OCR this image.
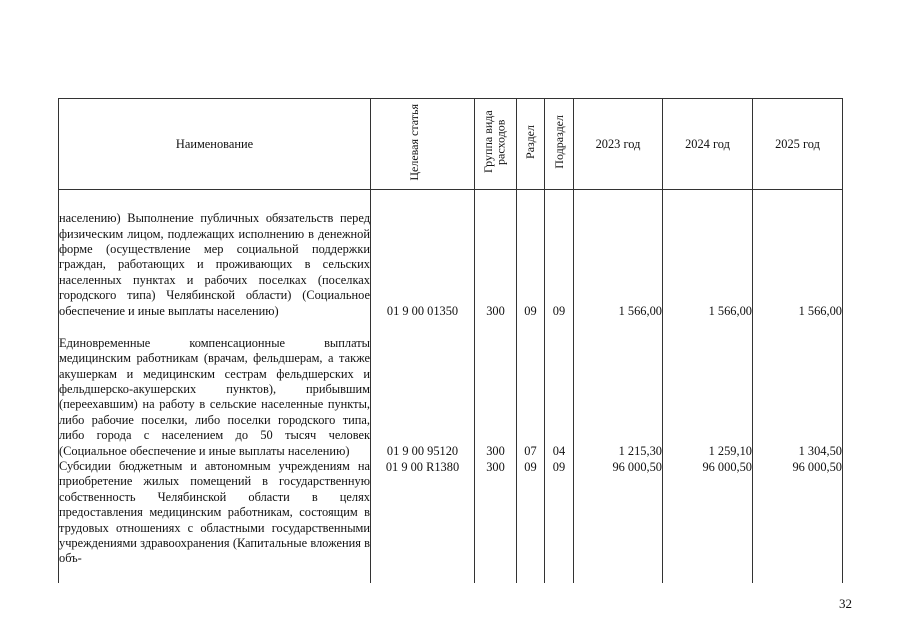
Наименование	Целевая статья	Группа вида расходов	Раздел	Подраздел	2023 год	2024 год	2025 год
населению) Выполнение публичных обязательств перед физическим лицом, подлежащих исполнению в денежной форме (осуществление мер социальной поддержки граждан, работающих и проживающих в сельских населенных пунктах и рабочих поселках (поселках городского типа) Челябинской области) (Социальное обеспечение и иные выплаты населению)	01 9 00 01350	300	09	09	1 566,00	1 566,00	1 566,00

Единовременные компенсационные выплаты медицинским работникам (врачам, фельдшерам, а также акушеркам и медицинским сестрам фельдшерских и фельдшерско-акушерских пунктов), прибывшим (переехавшим) на работу в сельские населенные пункты, либо рабочие поселки, либо поселки городского типа, либо города с населением до 50 тысяч человек (Социальное обеспечение и иные выплаты населению)	01 9 00 95120	300	07	04	1 215,30	1 259,10	1 304,50

Субсидии бюджетным и автономным учреждениям на приобретение жилых помещений в государственную собственность Челябинской области в целях предоставления медицинским работникам, состоящим в трудовых отношениях с областными государственными учреждениями здравоохранения (Капитальные вложения в объ-	01 9 00 R1380	300	09	09	96 000,50	96 000,50	96 000,50
32
